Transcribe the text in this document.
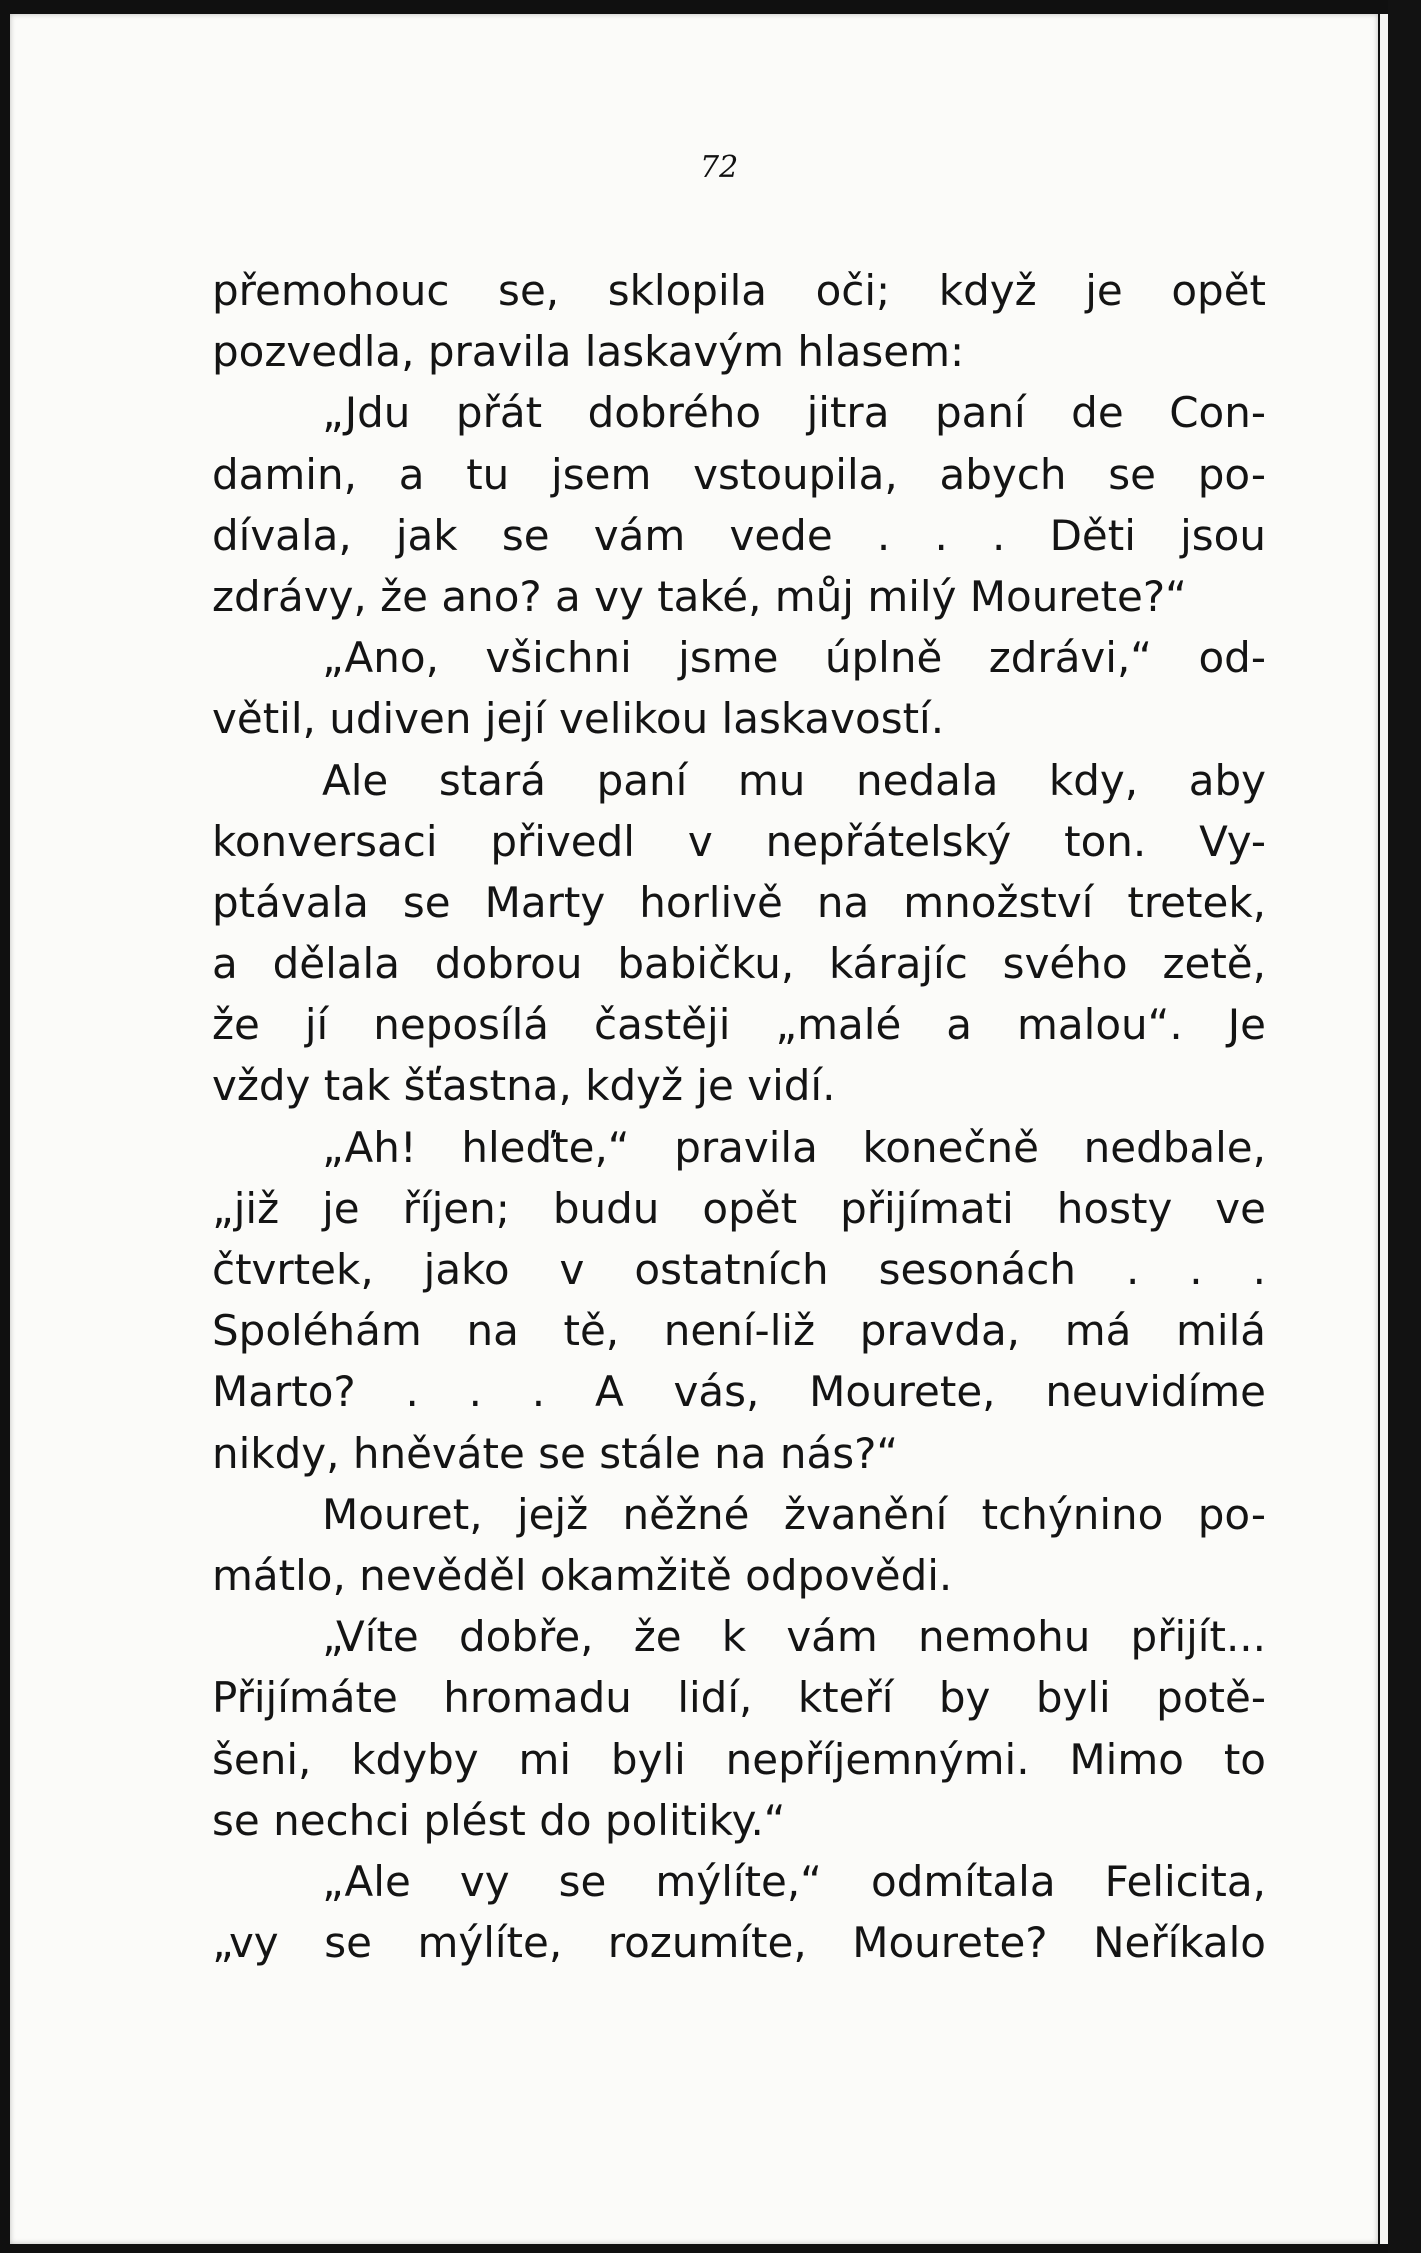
72
přemohouc se, sklopila oči; když je opět
pozvedla, pravila laskavým hlasem:
„Jdu přát dobrého jitra paní de Con-
damin, a tu jsem vstoupila, abych se po-
dívala, jak se vám vede . . . Děti jsou
zdrávy, že ano? a vy také, můj milý Mourete?“
„Ano, všichni jsme úplně zdrávi,“ od-
větil, udiven její velikou laskavostí.
Ale stará paní mu nedala kdy, aby
konversaci přivedl v nepřátelský ton. Vy-
ptávala se Marty horlivě na množství tretek,
a dělala dobrou babičku, kárajíc svého zetě,
že jí neposílá častěji „malé a malou“. Je
vždy tak šťastna, když je vidí.
„Ah! hleďte,“ pravila konečně nedbale,
„již je říjen; budu opět přijímati hosty ve
čtvrtek, jako v ostatních sesonách . . .
Spoléhám na tě, není-liž pravda, má milá
Marto? . . . A vás, Mourete, neuvidíme
nikdy, hněváte se stále na nás?“
Mouret, jejž něžné žvanění tchýnino po-
mátlo, nevěděl okamžitě odpovědi.
„Víte dobře, že k vám nemohu přijít...
Přijímáte hromadu lidí, kteří by byli potě-
šeni, kdyby mi byli nepříjemnými. Mimo to
se nechci plést do politiky.“
„Ale vy se mýlíte,“ odmítala Felicita,
„vy se mýlíte, rozumíte, Mourete? Neříkalo
